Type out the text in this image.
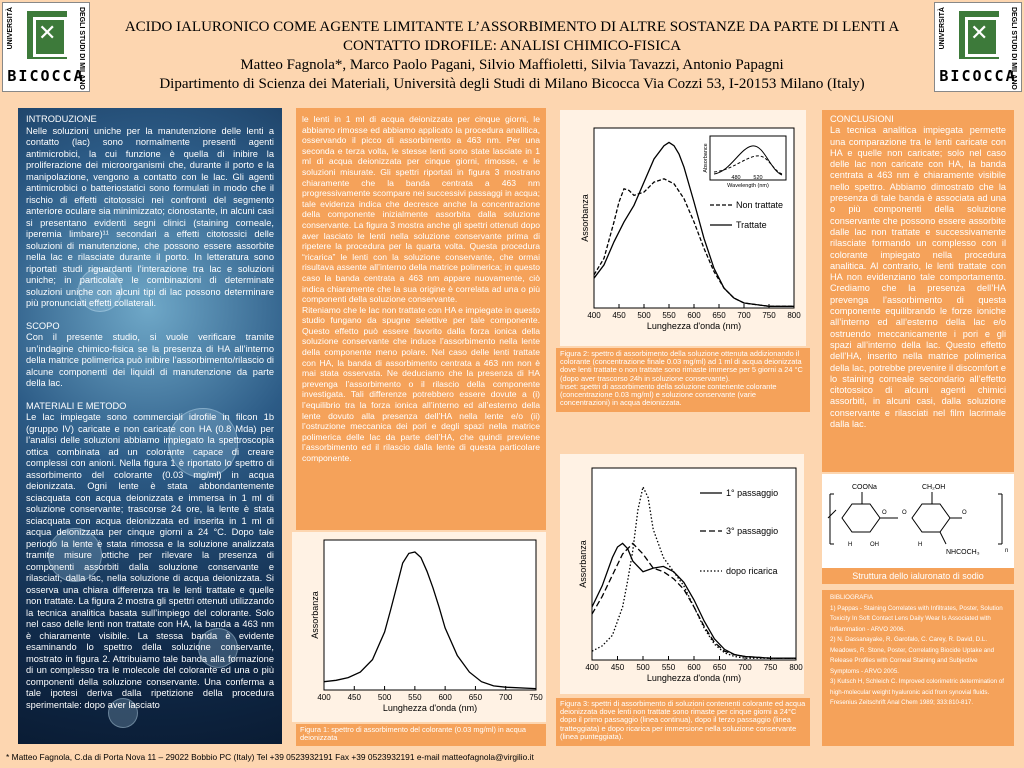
UNIVERSITÀ ✕	DEGLI STUDI DI MILANO
BICOCCA
UNIVERSITÀ ✕	DEGLI STUDI DI MILANO
BICOCCA
ACIDO IALURONICO COME AGENTE LIMITANTE L’ASSORBIMENTO DI ALTRE SOSTANZE DA PARTE DI LENTI A
CONTATTO IDROFILE: ANALISI CHIMICO-FISICA
Matteo Fagnola*, Marco Paolo Pagani, Silvio Maffioletti, Silvia Tavazzi, Antonio Papagni
Dipartimento di Scienza dei Materiali, Università degli Studi di Milano Bicocca Via Cozzi 53, I-20153 Milano (Italy)
INTRODUZIONE

Nelle soluzioni uniche per la manutenzione delle lenti a contatto (lac) sono normalmente presenti agenti antimicrobici, la cui funzione è quella di inibire la proliferazione dei microorganismi che, durante il porto e la manipolazione, vengono a contatto con le lac. Gli agenti antimicrobici o batteriostatici sono formulati in modo che il rischio di effetti citotossici nei confronti del segmento anteriore oculare sia minimizzato; cionostante, in alcuni casi si presentano evidenti segni clinici (staining corneale, iperemia limbare)¹¹ secondari a effetti citotossici delle soluzioni di manutenzione, che possono essere assorbite nella lac e rilasciate durante il porto. In letteratura sono riportati studi riguardanti l’interazione tra lac e soluzioni uniche; in particolare le combinazioni di determinate soluzioni uniche con alcuni tipi di lac possono determinare più pronunciati effetti collaterali.

SCOPO

Con il presente studio, si vuole verificare tramite un’indagine chimico-fisica se la presenza di HA all’interno della matrice polimerica può inibire l’assorbimento/rilascio di alcune componenti dei liquidi di manutenzione da parte della lac.

MATERIALI E METODO

Le lac impiegate sono commerciali idrofile in filcon 1b (gruppo IV) caricate e non caricate con HA (0.8 Mda) per l’analisi delle soluzioni abbiamo impiegato la spettroscopia ottica combinata ad un colorante capace di creare complessi con anioni. Nella figura 1 è riportato lo spettro di assorbimento del colorante (0.03 mg/ml) in acqua deionizzata. Ogni lente è stata abbondantemente sciacquata con acqua deionizzata e immersa in 1 ml di soluzione conservante; trascorse 24 ore, la lente è stata sciacquata con acqua deionizzata ed inserita in 1 ml di acqua deionizzata per cinque giorni a 24 °C. Dopo tale periodo la lente è stata rimossa e la soluzione analizzata tramite misure ottiche per rilevare la presenza di componenti assorbiti dalla soluzione conservante e rilasciati, dalla lac, nella soluzione di acqua deionizzata. Si osserva una chiara differenza tra le lenti trattate e quelle non trattate. La figura 2 mostra gli spettri ottenuti utilizzando la tecnica analitica basata sull’impiego del colorante. Solo nel caso delle lenti non trattate con HA, la banda a 463 nm è chiaramente visibile. La stessa banda è evidente esaminando lo spettro della soluzione conservante, mostrato in figura 2. Attribuiamo tale banda alla formazione di un complesso tra le molecole del colorante ed una o più componenti della soluzione conservante. Una conferma a tale ipotesi deriva dalla ripetizione della procedura sperimentale: dopo aver lasciato

le lenti in 1 ml di acqua deionizzata per cinque giorni, le abbiamo rimosse ed abbiamo applicato la procedura analitica, osservando il picco di assorbimento a 463 nm. Per una seconda e terza volta, le stesse lenti sono state lasciate in 1 ml di acqua deionizzata per cinque giorni, rimosse, e le soluzioni misurate. Gli spettri riportati in figura 3 mostrano chiaramente che la banda centrata a 463 nm progressivamente scompare nei successivi passaggi in acqua; tale evidenza indica che decresce anche la concentrazione della componente inizialmente assorbita dalla soluzione conservante. La figura 3 mostra anche gli spettri ottenuti dopo aver lasciato le lenti nella soluzione conservante prima di ripetere la procedura per la quarta volta. Questa procedura “ricarica” le lenti con la soluzione conservante, che ormai risultava assente all’interno della matrice polimerica; in questo caso la banda centrata a 463 nm appare nuovamente, ciò indica chiaramente che la sua origine è correlata ad una o più componenti della soluzione conservante.

Riteniamo che le lac non trattate con HA e impiegate in questo studio fungano da spugne selettive per tale componente. Questo effetto può essere favorito dalla forza ionica della soluzione conservante che induce l’assorbimento nella lente della componente meno polare. Nel caso delle lenti trattate con HA, la banda di assorbimento centrata a 463 nm non è mai stata osservata. Ne deduciamo che la presenza di HA prevenga l’assorbimento o il rilascio della componente investigata. Tali differenze potrebbero essere dovute a (i) l’equilibrio tra la forza ionica all’interno ed all’esterno della lente dovuto alla presenza dell’HA nella lente e/o (ii) l’ostruzione meccanica dei pori e degli spazi nella matrice polimerica delle lac da parte dell’HA, che quindi previene l’assorbimento ed il rilascio dalla lente di questa particolare componente.

400 450 500 550 600 650 700 750
Lunghezza d'onda (nm)
Assorbanza
Figura 1: spettro di assorbimento del colorante (0.03 mg/ml) in acqua deionizzata
400 450 500 550 600 650 700 750 800
Lunghezza d'onda (nm)
Assorbanza	Non trattate
Trattate
480 520
Wavelength (nm)
Absorbance
Figura 2: spettro di assorbimento della soluzione ottenuta addizionando il colorante (concentrazione finale 0.03 mg/ml) ad 1 ml di acqua deionizzata dove lenti trattate o non trattate sono rimaste immerse per 5 giorni a 24 °C (dopo aver trascorso 24h in soluzione conservante).
Inset: spettri di assorbimento della soluzione contenente colorante (concentrazione 0.03 mg/ml) e soluzione conservante (varie concentrazioni) in acqua deionizzata.
400 450 500 550 600 650 700 750 800
Lunghezza d'onda (nm)
Assorbanza
1° passaggio
3° passaggio
dopo ricarica
Figura 3: spettri di assorbimento di soluzioni contenenti colorante ed acqua deionizzata dove lenti non trattate sono rimaste per cinque giorni a 24°C dopo il primo passaggio (linea continua), dopo il terzo passaggio (linea tratteggiata) e dopo ricarica per immersione nella soluzione conservante (linea punteggiata).

CONCLUSIONI

La tecnica analitica impiegata permette una comparazione tra le lenti caricate con HA e quelle non caricate; solo nel caso delle lac non caricate con HA, la banda centrata a 463 nm è chiaramente visibile nello spettro. Abbiamo dimostrato che la presenza di tale banda è associata ad una o più componenti della soluzione conservante che possono essere assorbite dalle lac non trattate e successivamente rilasciate formando un complesso con il colorante impiegato nella procedura analitica. Al contrario, le lenti trattate con HA non evidenziano tale comportamento. Crediamo che la presenza dell’HA prevenga l’assorbimento di questa componente equilibrando le forze ioniche all’interno ed all’esterno della lac e/o ostruendo meccanicamente i pori e gli spazi all’interno della lac. Questo effetto dell’HA, inserito nella matrice polimerica della lac, potrebbe prevenire il discomfort e lo staining corneale secondario all’effetto citotossico di alcuni agenti chimici assorbiti, in alcuni casi, dalla soluzione conservante e rilasciati nel film lacrimale dalla lac.

COONa	CH₂OH
NHCOCH₃	n
O	O
H	OH	H
O
Struttura dello ialuronato di sodio

BIBLIOGRAFIA

1) Pappas - Staining Correlates with Infiltrates, Poster, Solution Toxicity In Soft Contact Lens Daily Wear Is Associated with Inflammation - ARVO 2006.

2) N. Dassanayake, R. Garofalo, C. Carey, R. David, D.L. Meadows, R. Stone, Poster, Correlating Biocide Uptake and Release Profiles with Corneal Staining and Subjective Symptoms - ARVO 2005.

3) Kutsch H, Schleich C. Improved colorimetric determination of high-molecular weight hyaluronic acid from synovial fluids. Fresenius Zeitschrift Anal Chem 1989; 333:810-817.

* Matteo Fagnola, C.da di Porta Nova 11 – 29022 Bobbio PC (Italy) Tel +39 0523932191 Fax +39 0523932191 e-mail matteofagnola@virgilio.it
